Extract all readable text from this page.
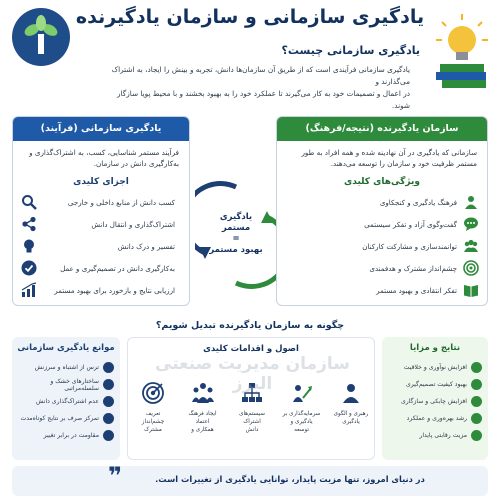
یادگیری سازمانی و سازمان یادگیرنده
یادگیری سازمانی چیست؟
یادگیری سازمانی فرآیندی است که از طریق آن سازمان‌ها دانش، تجربه و بینش را ایجاد، به اشتراک می‌گذارند و
در اعمال و تصمیمات خود به کار می‌گیرند تا عملکرد خود را به بهبود بخشند و با محیط پویا سازگار شوند.
یادگیری سازمانی (فرآیند)
فرآیند مستمر شناسایی، کسب، به اشتراک‌گذاری و
به‌کارگیری دانش در سازمان.
اجزای کلیدی
کسب دانش از منابع داخلی و خارجی
اشتراک‌گذاری و انتقال دانش
تفسیر و درک دانش
به‌کارگیری دانش در تصمیم‌گیری و عمل
ارزیابی نتایج و بازخورد برای بهبود مستمر
یادگیری
مستمر
=
بهبود مستمر
سازمان یادگیرنده (نتیجه/فرهنگ)
سازمانی که یادگیری در آن نهادینه شده و همه افراد به طور
مستمر ظرفیت خود و سازمان را توسعه می‌دهند.
ویژگی‌های کلیدی
فرهنگ یادگیری و کنجکاوی
گفت‌وگوی آزاد و تفکر سیستمی
توانمندسازی و مشارکت کارکنان
چشم‌انداز مشترک و هدفمندی
تفکر انتقادی و بهبود مستمر
چگونه به سازمان یادگیرنده تبدیل شویم؟
موانع یادگیری سازمانی
ترس از اشتباه و سرزنش
ساختارهای خشک و سلسله‌مراتبی
عدم اشتراک‌گذاری دانش
تمرکز صرف بر نتایج کوتاه‌مدت
مقاومت در برابر تغییر
اصول و اقدامات کلیدی
رهبری و الگوی
یادگیری
سرمایه‌گذاری بر
یادگیری و توسعه
سیستم‌های اشتراک
دانش
ایجاد فرهنگ اعتماد
همکاری و
تعریف چشم‌انداز
مشترک
سازمان مدیریت صنعتی البرز
نتایج و مزایا
افزایش نوآوری و خلاقیت
بهبود کیفیت تصمیم‌گیری
افزایش چابکی و سازگاری
رشد بهره‌وری و عملکرد
مزیت رقابتی پایدار
❞	در دنیای امروز، تنها مزیت پایدار، توانایی یادگیری از تغییرات است.
